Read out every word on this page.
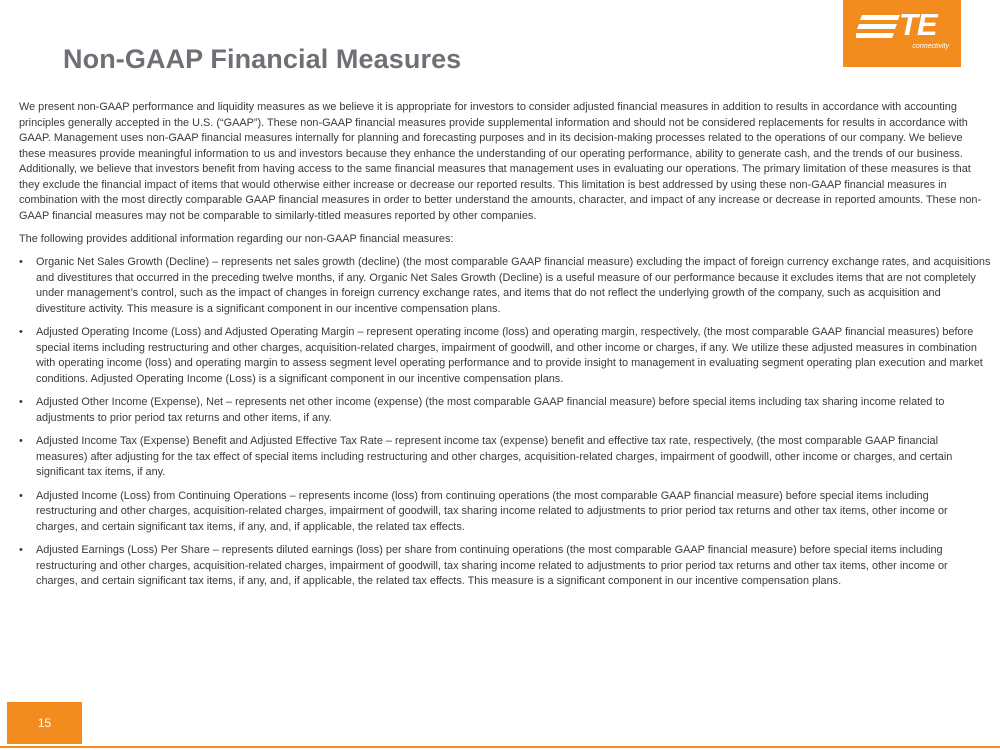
Non-GAAP Financial Measures
TE
connectivity

We present non-GAAP performance and liquidity measures as we believe it is appropriate for investors to consider adjusted financial measures in addition to results in accordance with accounting principles generally accepted in the U.S. (“GAAP”). These non-GAAP financial measures provide supplemental information and should not be considered replacements for results in accordance with GAAP. Management uses non-GAAP financial measures internally for planning and forecasting purposes and in its decision-making processes related to the operations of our company. We believe these measures provide meaningful information to us and investors because they enhance the understanding of our operating performance, ability to generate cash, and the trends of our business. Additionally, we believe that investors benefit from having access to the same financial measures that management uses in evaluating our operations. The primary limitation of these measures is that they exclude the financial impact of items that would otherwise either increase or decrease our reported results. This limitation is best addressed by using these non-GAAP financial measures in combination with the most directly comparable GAAP financial measures in order to better understand the amounts, character, and impact of any increase or decrease in reported amounts. These non-GAAP financial measures may not be comparable to similarly-titled measures reported by other companies.

The following provides additional information regarding our non-GAAP financial measures:

• Organic Net Sales Growth (Decline) – represents net sales growth (decline) (the most comparable GAAP financial measure) excluding the impact of foreign currency exchange rates, and acquisitions and divestitures that occurred in the preceding twelve months, if any. Organic Net Sales Growth (Decline) is a useful measure of our performance because it excludes items that are not completely under management’s control, such as the impact of changes in foreign currency exchange rates, and items that do not reflect the underlying growth of the company, such as acquisition and divestiture activity. This measure is a significant component in our incentive compensation plans.
• Adjusted Operating Income (Loss) and Adjusted Operating Margin – represent operating income (loss) and operating margin, respectively, (the most comparable GAAP financial measures) before special items including restructuring and other charges, acquisition-related charges, impairment of goodwill, and other income or charges, if any. We utilize these adjusted measures in combination with operating income (loss) and operating margin to assess segment level operating performance and to provide insight to management in evaluating segment operating plan execution and market conditions. Adjusted Operating Income (Loss) is a significant component in our incentive compensation plans.
• Adjusted Other Income (Expense), Net – represents net other income (expense) (the most comparable GAAP financial measure) before special items including tax sharing income related to adjustments to prior period tax returns and other items, if any.
• Adjusted Income Tax (Expense) Benefit and Adjusted Effective Tax Rate – represent income tax (expense) benefit and effective tax rate, respectively, (the most comparable GAAP financial measures) after adjusting for the tax effect of special items including restructuring and other charges, acquisition-related charges, impairment of goodwill, other income or charges, and certain significant tax items, if any.
• Adjusted Income (Loss) from Continuing Operations – represents income (loss) from continuing operations (the most comparable GAAP financial measure) before special items including restructuring and other charges, acquisition-related charges, impairment of goodwill, tax sharing income related to adjustments to prior period tax returns and other tax items, other income or charges, and certain significant tax items, if any, and, if applicable, the related tax effects.
• Adjusted Earnings (Loss) Per Share – represents diluted earnings (loss) per share from continuing operations (the most comparable GAAP financial measure) before special items including restructuring and other charges, acquisition-related charges, impairment of goodwill, tax sharing income related to adjustments to prior period tax returns and other tax items, other income or charges, and certain significant tax items, if any, and, if applicable, the related tax effects. This measure is a significant component in our incentive compensation plans.
15
